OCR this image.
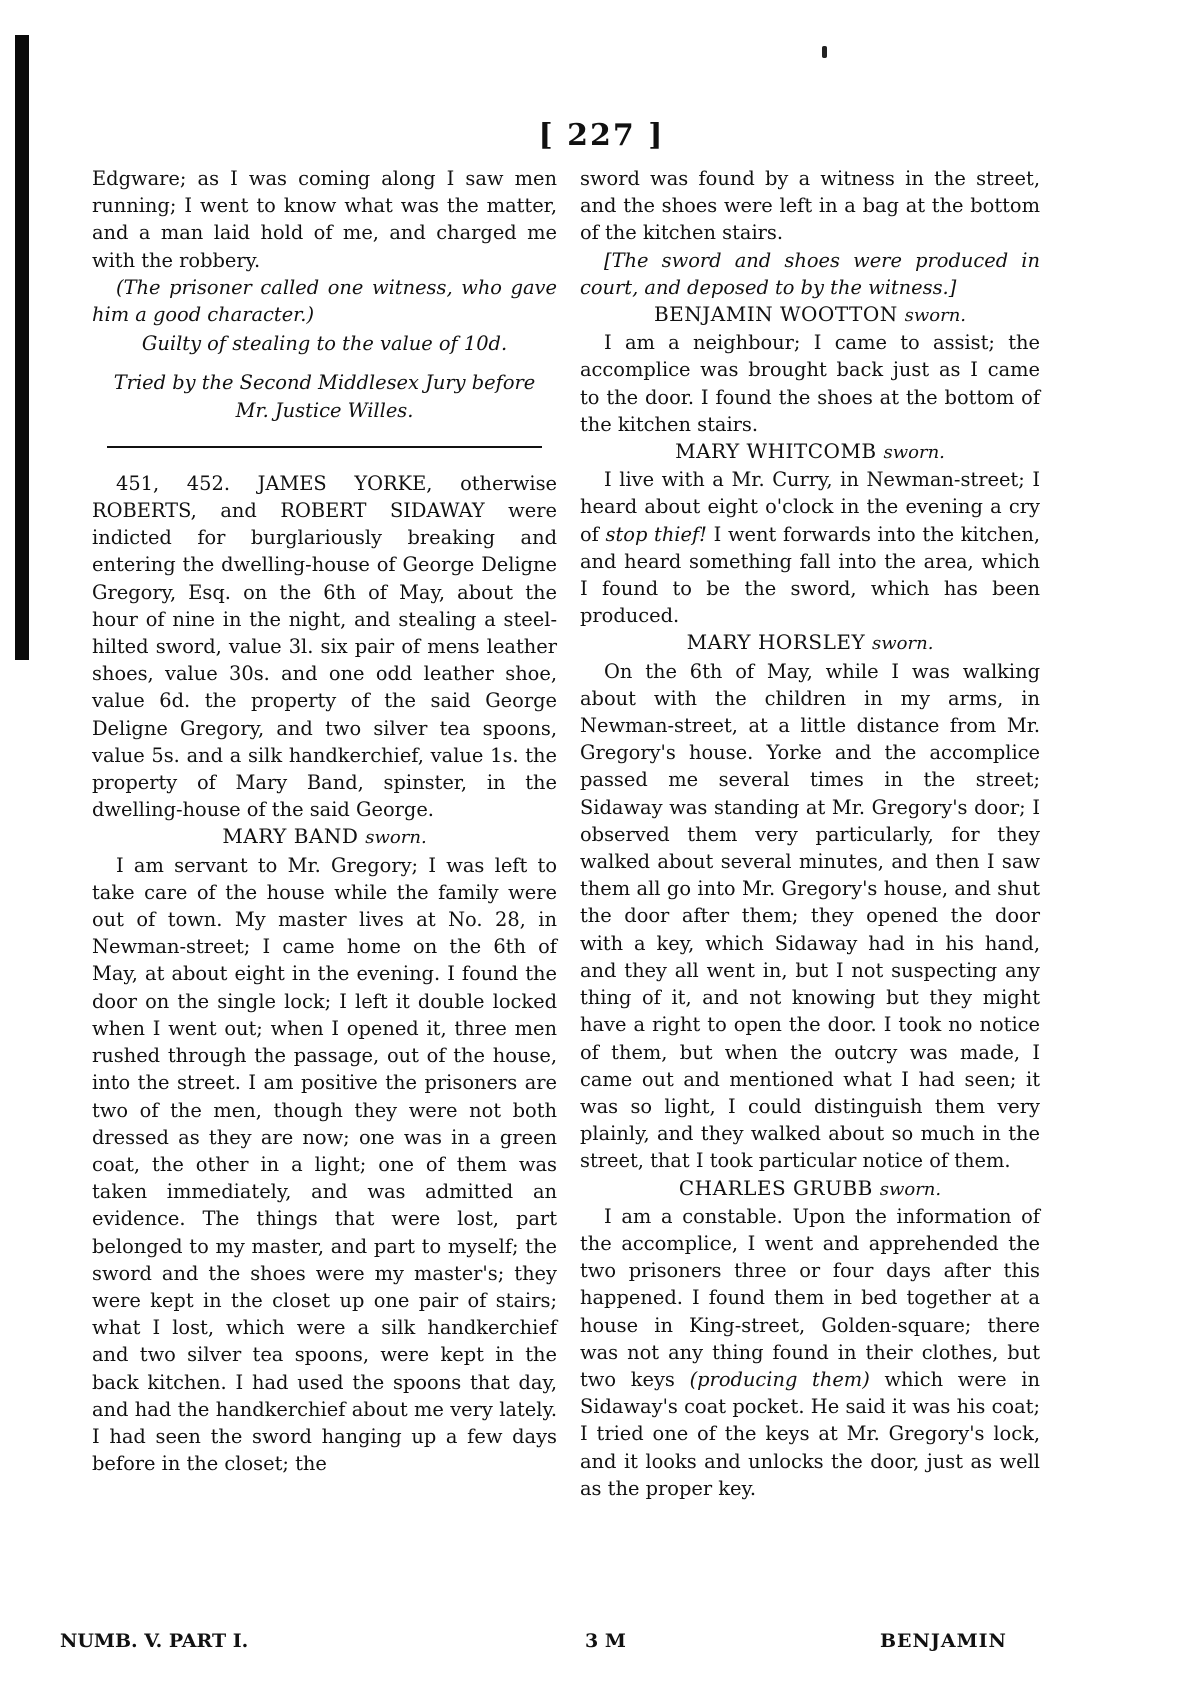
[ 227 ]

Edgware; as I was coming along I saw men running; I went to know what was the matter, and a man laid hold of me, and charged me with the robbery.

(The prisoner called one witness, who gave him a good character.)

Guilty of stealing to the value of 10d.

Tried by the Second Middlesex Jury before Mr. Justice Willes.

451, 452. JAMES YORKE, otherwise ROBERTS, and ROBERT SIDAWAY were indicted for burglariously breaking and entering the dwelling-house of George Deligne Gregory, Esq. on the 6th of May, about the hour of nine in the night, and stealing a steel-hilted sword, value 3l. six pair of mens leather shoes, value 30s. and one odd leather shoe, value 6d. the property of the said George Deligne Gregory, and two silver tea spoons, value 5s. and a silk handkerchief, value 1s. the property of Mary Band, spinster, in the dwelling-house of the said George.

MARY BAND sworn.

I am servant to Mr. Gregory; I was left to take care of the house while the family were out of town. My master lives at No. 28, in Newman-street; I came home on the 6th of May, at about eight in the evening. I found the door on the single lock; I left it double locked when I went out; when I opened it, three men rushed through the passage, out of the house, into the street. I am positive the prisoners are two of the men, though they were not both dressed as they are now; one was in a green coat, the other in a light; one of them was taken immediately, and was admitted an evidence. The things that were lost, part belonged to my master, and part to myself; the sword and the shoes were my master's; they were kept in the closet up one pair of stairs; what I lost, which were a silk handkerchief and two silver tea spoons, were kept in the back kitchen. I had used the spoons that day, and had the handkerchief about me very lately. I had seen the sword hanging up a few days before in the closet; the

sword was found by a witness in the street, and the shoes were left in a bag at the bottom of the kitchen stairs.

[The sword and shoes were produced in court, and deposed to by the witness.]

BENJAMIN WOOTTON sworn.

I am a neighbour; I came to assist; the accomplice was brought back just as I came to the door. I found the shoes at the bottom of the kitchen stairs.

MARY WHITCOMB sworn.

I live with a Mr. Curry, in Newman-street; I heard about eight o'clock in the evening a cry of stop thief! I went forwards into the kitchen, and heard something fall into the area, which I found to be the sword, which has been produced.

MARY HORSLEY sworn.

On the 6th of May, while I was walking about with the children in my arms, in Newman-street, at a little distance from Mr. Gregory's house. Yorke and the accomplice passed me several times in the street; Sidaway was standing at Mr. Gregory's door; I observed them very particularly, for they walked about several minutes, and then I saw them all go into Mr. Gregory's house, and shut the door after them; they opened the door with a key, which Sidaway had in his hand, and they all went in, but I not suspecting any thing of it, and not knowing but they might have a right to open the door. I took no notice of them, but when the outcry was made, I came out and mentioned what I had seen; it was so light, I could distinguish them very plainly, and they walked about so much in the street, that I took particular notice of them.

CHARLES GRUBB sworn.

I am a constable. Upon the information of the accomplice, I went and apprehended the two prisoners three or four days after this happened. I found them in bed together at a house in King-street, Golden-square; there was not any thing found in their clothes, but two keys (producing them) which were in Sidaway's coat pocket. He said it was his coat; I tried one of the keys at Mr. Gregory's lock, and it looks and unlocks the door, just as well as the proper key.

NUMB. V. PART I.	3 M	BENJAMIN
